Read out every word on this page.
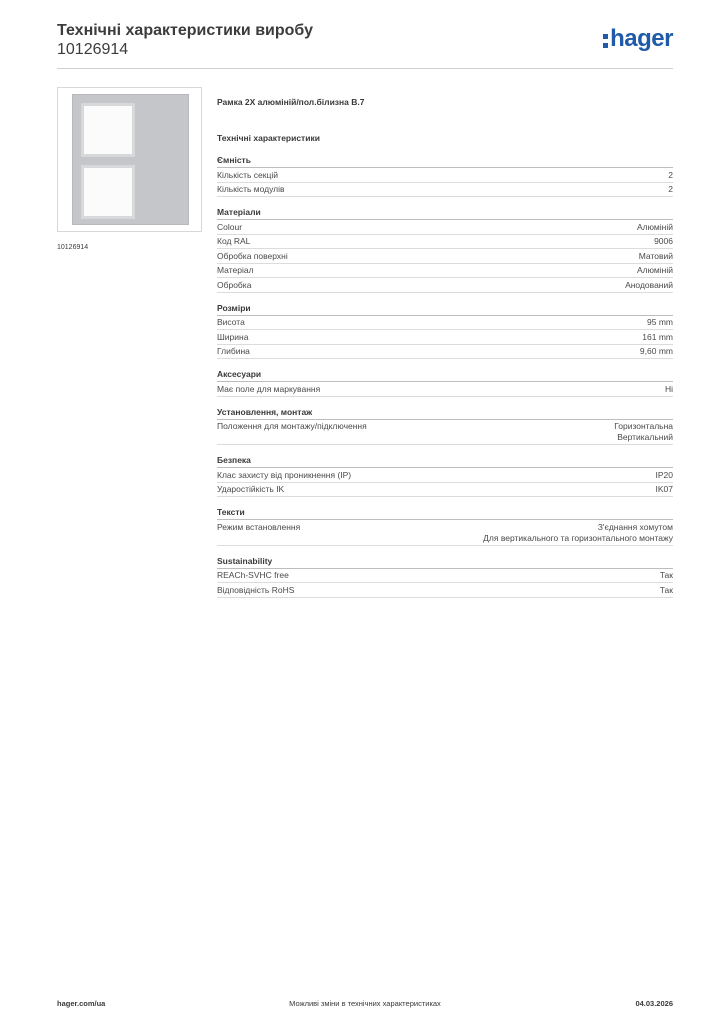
Технічні характеристики виробу
10126914	hager
10126914
Рамка 2X алюміній/пол.білизна B.7
Технічні характеристики
Ємність
Кількість секцій	2
Кількість модулів	2
Матеріали
Colour	Алюміній
Код RAL	9006
Обробка поверхні	Матовий
Матеріал	Алюміній
Обробка	Анодований
Розміри
Висота	95 mm
Ширина	161 mm
Глибина	9,60 mm
Аксесуари
Має поле для маркування	Ні
Установлення, монтаж
Положення для монтажу/підключення	Горизонтальна
Вертикальний
Безпека
Клас захисту від проникнення (IP)	IP20
Ударостійкість IK	IK07
Тексти
Режим встановлення	З'єднання хомутом
Для вертикального та горизонтального монтажу
Sustainability
REACh-SVHC free	Так
Відповідність RoHS	Так
hager.com/ua	Можливі зміни в технічних характеристиках	04.03.2026
